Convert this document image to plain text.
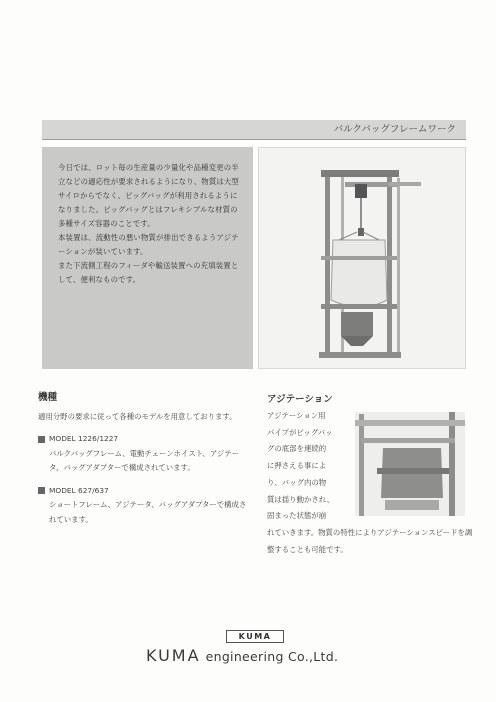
バルクバッグフレームワーク

今日では、ロット毎の生産量の少量化や品種変更の半立などの適応性が要求されるようになり、物質は大型サイロからでなく、ビッグバッグが利用されるようになりました。ビッグバッグとはフレキシブルな材質の多種サイズ容器のことです。

本装置は、流動性の悪い物質が排出できるようアジテーションが装いています。

また下流側工程のフィーダや輸送装置への充填装置として、便利なものです。

機種
適用分野の要求に従って各種のモデルを用意しております。
MODEL 1226/1227
バルクバッグフレーム、電動チェーンホイスト、アジテータ、バッグアダプターで構成されています。
MODEL 627/637
ショートフレーム、アジテータ、バッグアダプターで構成されています。
アジテーション
アジテーション用
パイプがビッグバッ
グの底部を連続的
に押さえる事によ
り、バッグ内の物
質は揺り動かされ、
固まった状態が崩
れていきます。物質の特性によりアジテーションスピードを調整することも可能です。
KUMA
KUMA engineering Co.,Ltd.
